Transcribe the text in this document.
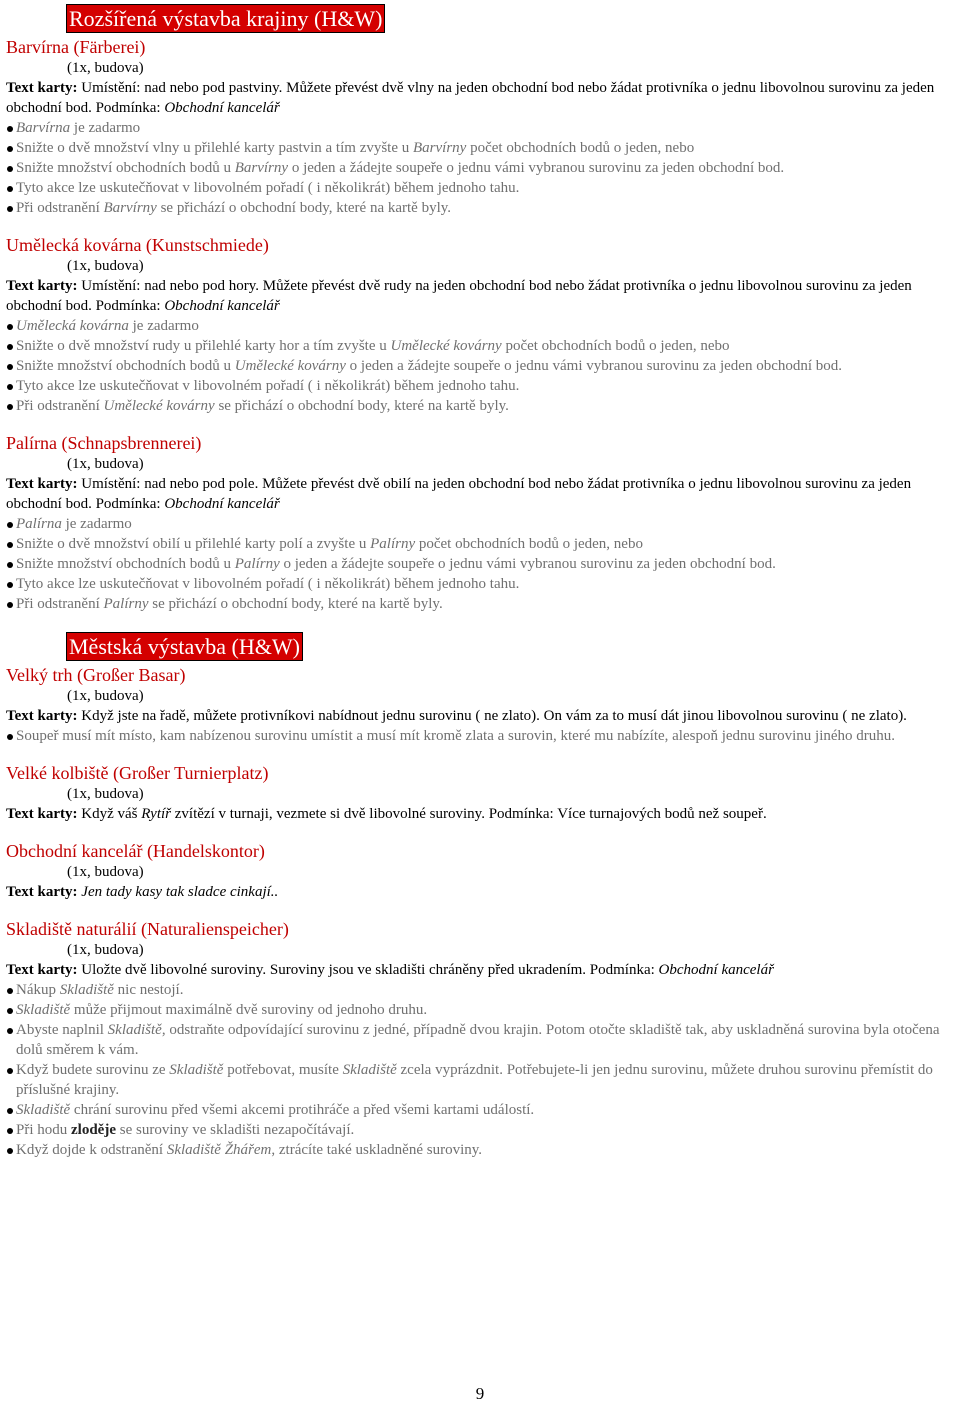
Rozšířená výstavba krajiny (H&W)
Barvírna (Färberei)
(1x, budova)

Text karty: Umístění: nad nebo pod pastviny. Můžete převést dvě vlny na jeden obchodní bod nebo žádat protivníka o jednu libovolnou surovinu za jeden obchodní bod. Podmínka: Obchodní kancelář

Barvírna je zadarmo
Snižte o dvě množství vlny u přilehlé karty pastvin a tím zvyšte u Barvírny počet obchodních bodů o jeden, nebo
Snižte množství obchodních bodů u Barvírny o jeden a žádejte soupeře o jednu vámi vybranou surovinu za jeden obchodní bod.
Tyto akce lze uskutečňovat v libovolném pořadí ( i několikrát) během jednoho tahu.
Při odstranění Barvírny se přichází o obchodní body, které na kartě byly.
Umělecká kovárna (Kunstschmiede)
(1x, budova)

Text karty: Umístění: nad nebo pod hory. Můžete převést dvě rudy na jeden obchodní bod nebo žádat protivníka o jednu libovolnou surovinu za jeden obchodní bod. Podmínka: Obchodní kancelář

Umělecká kovárna je zadarmo
Snižte o dvě množství rudy u přilehlé karty hor a tím zvyšte u Umělecké kovárny počet obchodních bodů o jeden, nebo
Snižte množství obchodních bodů u Umělecké kovárny o jeden a žádejte soupeře o jednu vámi vybranou surovinu za jeden obchodní bod.
Tyto akce lze uskutečňovat v libovolném pořadí ( i několikrát) během jednoho tahu.
Při odstranění Umělecké kovárny se přichází o obchodní body, které na kartě byly.
Palírna (Schnapsbrennerei)
(1x, budova)

Text karty: Umístění: nad nebo pod pole. Můžete převést dvě obilí na jeden obchodní bod nebo žádat protivníka o jednu libovolnou surovinu za jeden obchodní bod. Podmínka: Obchodní kancelář

Palírna je zadarmo
Snižte o dvě množství obilí u přilehlé karty polí a zvyšte u Palírny počet obchodních bodů o jeden, nebo
Snižte množství obchodních bodů u Palírny o jeden a žádejte soupeře o jednu vámi vybranou surovinu za jeden obchodní bod.
Tyto akce lze uskutečňovat v libovolném pořadí ( i několikrát) během jednoho tahu.
Při odstranění Palírny se přichází o obchodní body, které na kartě byly.
Městská výstavba (H&W)
Velký trh (Großer Basar)
(1x, budova)

Text karty: Když jste na řadě, můžete protivníkovi nabídnout jednu surovinu ( ne zlato). On vám za to musí dát jinou libovolnou surovinu ( ne zlato).

Soupeř musí mít místo, kam nabízenou surovinu umístit a musí mít kromě zlata a surovin, které mu nabízíte, alespoň jednu surovinu jiného druhu.
Velké kolbiště (Großer Turnierplatz)
(1x, budova)

Text karty: Když váš Rytíř zvítězí v turnaji, vezmete si dvě libovolné suroviny. Podmínka: Více turnajových bodů než soupeř.

Obchodní kancelář (Handelskontor)
(1x, budova)

Text karty: Jen tady kasy tak sladce cinkají..

Skladiště naturálií (Naturalienspeicher)
(1x, budova)

Text karty: Uložte dvě libovolné suroviny. Suroviny jsou ve skladišti chráněny před ukradením. Podmínka: Obchodní kancelář

Nákup Skladiště nic nestojí.
Skladiště může přijmout maximálně dvě suroviny od jednoho druhu.
Abyste naplnil Skladiště, odstraňte odpovídající surovinu z jedné, případně dvou krajin. Potom otočte skladiště tak, aby uskladněná surovina byla otočena dolů směrem k vám.
Když budete surovinu ze Skladiště potřebovat, musíte Skladiště zcela vyprázdnit. Potřebujete-li jen jednu surovinu, můžete druhou surovinu přemístit do příslušné krajiny.
Skladiště chrání surovinu před všemi akcemi protihráče a před všemi kartami událostí.
Při hodu zloděje se suroviny ve skladišti nezapočítávají.
Když dojde k odstranění Skladiště Žhářem, ztrácíte také uskladněné suroviny.
9
